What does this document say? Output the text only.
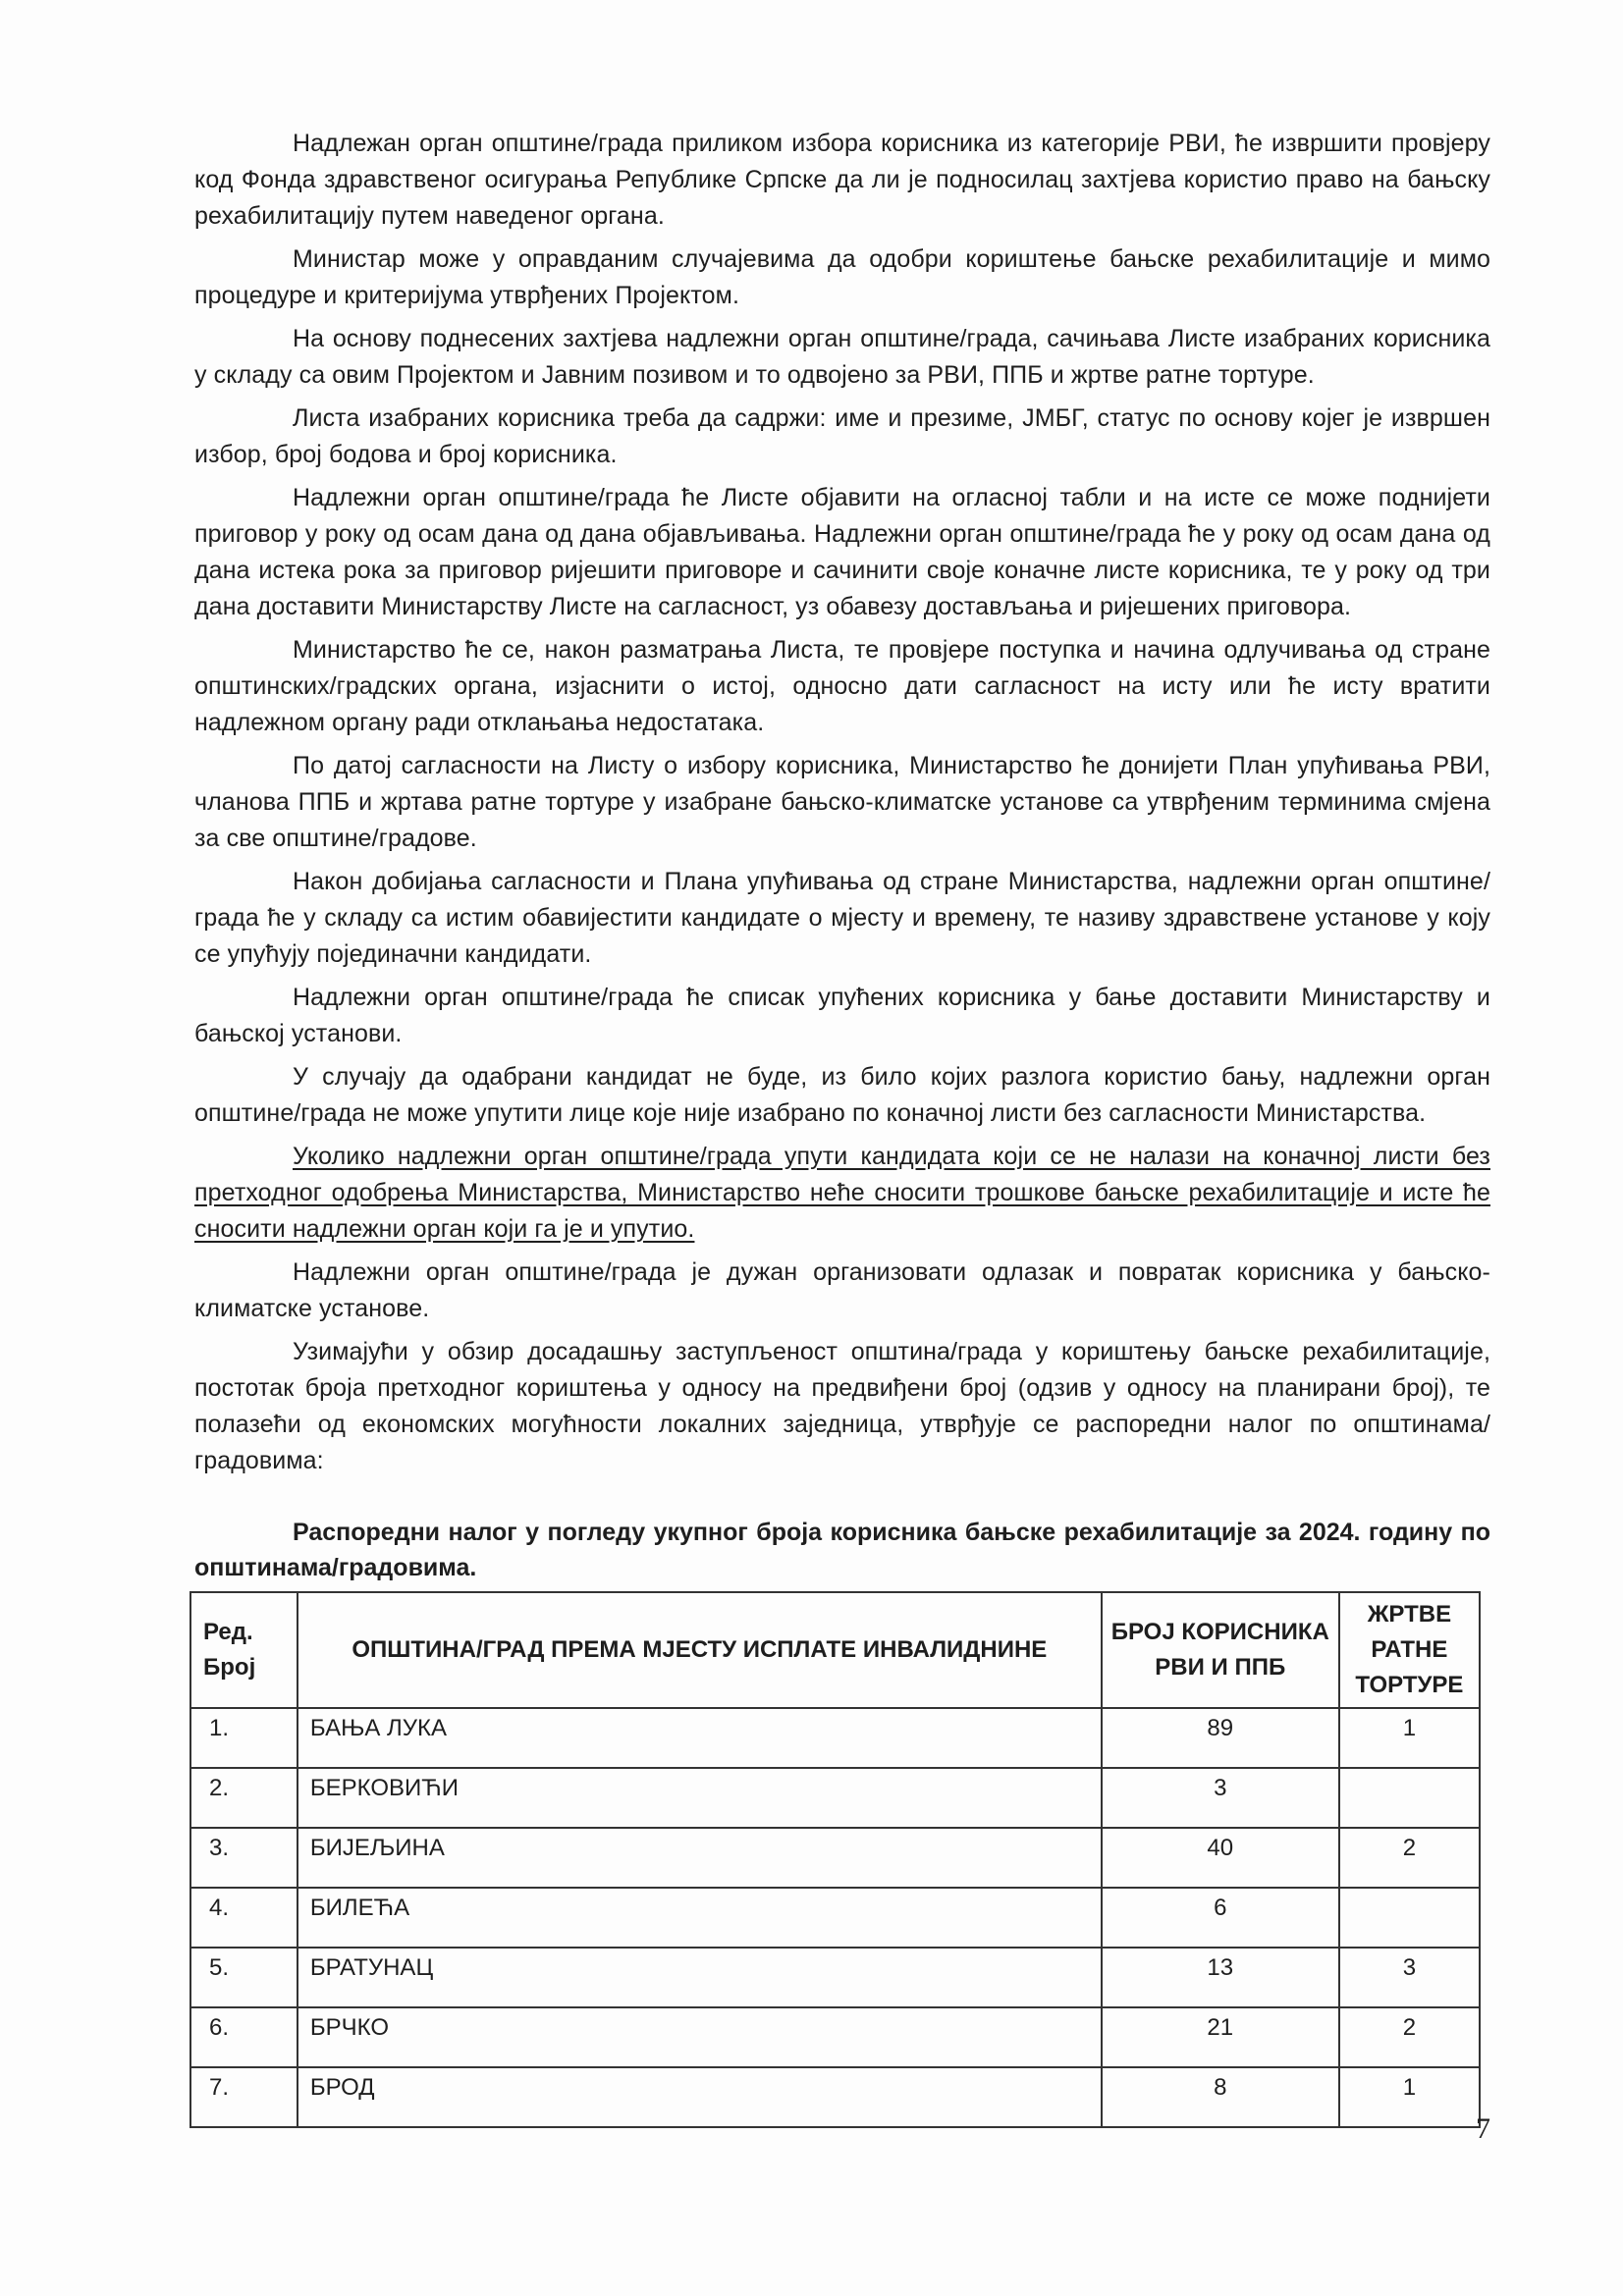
Надлежан орган општине/града приликом избора корисника из категорије РВИ, ће извршити провјеру код Фонда здравственог осигурања Републике Српске да ли је подносилац захтјева користио право на бањску рехабилитацију путем наведеног органа.

Министар може у оправданим случајевима да одобри кориштење бањске рехабилитације и мимо процедуре и критеријума утврђених Пројектом.

На основу поднесених захтјева надлежни орган општине/града, сачињава Листе изабраних корисника у складу са овим Пројектом и Јавним позивом и то одвојено за РВИ, ППБ и жртве ратне тортуре.

Листа изабраних корисника треба да садржи: име и презиме, ЈМБГ, статус по основу којег је извршен избор, број бодова и број корисника.

Надлежни орган општине/града ће Листе објавити на огласној табли и на исте се може поднијети приговор у року од осам дана од дана објављивања. Надлежни орган општине/града ће у року од осам дана од дана истека рока за приговор ријешити приговоре и сачинити своје коначне листе корисника, те у року од три дана доставити Министарству Листе на сагласност, уз обавезу достављања и ријешених приговора.

Министарство ће се, након разматрања Листа, те провјере поступка и начина одлучивања од стране општинских/градских органа, изјаснити о истој, односно дати сагласност на исту или ће исту вратити надлежном органу ради отклањања недостатака.

По датој сагласности на Листу о избору корисника, Министарство ће донијети План упућивања РВИ, чланова ППБ и жртава ратне тортуре у изабране бањско-климатске установе са утврђеним терминима смјена за све општине/градове.

Након добијања сагласности и Плана упућивања од стране Министарства, надлежни орган општине/града ће у складу са истим обавијестити кандидате о мјесту и времену, те називу здравствене установе у коју се упућују појединачни кандидати.

Надлежни орган општине/града ће списак упућених корисника у бање доставити Министарству и бањској установи.

У случају да одабрани кандидат не буде, из било којих разлога користио бању, надлежни орган општине/града не може упутити лице које није изабрано по коначној листи без сагласности Министарства.

Уколико надлежни орган општине/града упути кандидата који се не налази на коначној листи без претходног одобрења Министарства, Министарство неће сносити трошкове бањске рехабилитације и исте ће сносити надлежни орган који га је и упутио.

Надлежни орган општине/града је дужан организовати одлазак и повратак корисника у бањско-климатске установе.

Узимајући у обзир досадашњу заступљеност општина/града у кориштењу бањске рехабилитације, постотак броја претходног кориштења у односу на предвиђени број (одзив у односу на планирани број), те полазећи од економских могућности локалних заједница, утврђује се распоредни налог по општинама/градовима:

Распоредни налог у погледу укупног броја корисника бањске рехабилитације за 2024. годину по општинама/градовима.

Ред. Број	ОПШТИНА/ГРАД ПРЕМА МЈЕСТУ ИСПЛАТЕ ИНВАЛИДНИНЕ	БРОЈ КОРИСНИКА РВИ И ППБ	ЖРТВЕ РАТНЕ ТОРТУРЕ
1.	БАЊА ЛУКА	89	1
2.	БЕРКОВИЋИ	3	
3.	БИЈЕЉИНА	40	2
4.	БИЛЕЋА	6	
5.	БРАТУНАЦ	13	3
6.	БРЧКО	21	2
7.	БРОД	8	1
7
